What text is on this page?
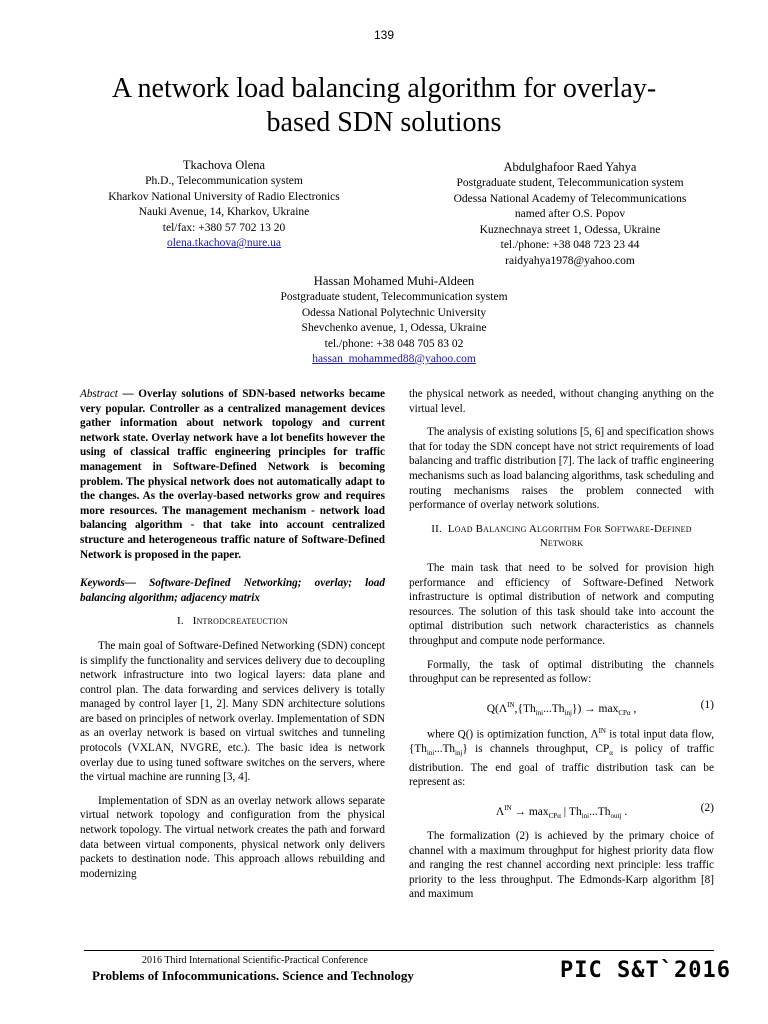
139
A network load balancing algorithm for overlay-based SDN solutions
Tkachova Olena
Ph.D., Telecommunication system
Kharkov National University of Radio Electronics
Nauki Avenue, 14, Kharkov, Ukraine
tel/fax: +380 57 702 13 20
olena.tkachova@nure.ua
Abdulghafoor Raed Yahya
Postgraduate student, Telecommunication system
Odessa National Academy of Telecommunications
named after O.S. Popov
Kuznechnaya street 1, Odessa, Ukraine
tel./phone: +38 048 723 23 44
raidyahya1978@yahoo.com
Hassan Mohamed Muhi-Aldeen
Postgraduate student, Telecommunication system
Odessa National Polytechnic University
Shevchenko avenue, 1, Odessa, Ukraine
tel./phone: +38 048 705 83 02
hassan_mohammed88@yahoo.com

Abstract — Overlay solutions of SDN-based networks became very popular. Controller as a centralized management devices gather information about network topology and current network state. Overlay network have a lot benefits however the using of classical traffic engineering principles for traffic management in Software-Defined Network is becoming problem. The physical network does not automatically adapt to the changes. As the overlay-based networks grow and requires more resources. The management mechanism - network load balancing algorithm - that take into account centralized structure and heterogeneous traffic nature of Software-Defined Network is proposed in the paper.

Keywords— Software-Defined Networking; overlay; load balancing algorithm; adjacency matrix

I. Introdcreateuction

The main goal of Software-Defined Networking (SDN) concept is simplify the functionality and services delivery due to decoupling network infrastructure into two logical layers: data plane and control plan. The data forwarding and services delivery is totally managed by control layer [1, 2]. Many SDN architecture solutions are based on principles of network overlay. Implementation of SDN as an overlay network is based on virtual switches and tunneling protocols (VXLAN, NVGRE, etc.). The basic idea is network overlay due to using tuned software switches on the servers, where the virtual machine are running [3, 4].

Implementation of SDN as an overlay network allows separate virtual network topology and configuration from the physical network topology. The virtual network creates the path and forward data between virtual components, physical network only delivers packets to destination node. This approach allows rebuilding and modernizing

the physical network as needed, without changing anything on the virtual level.

The analysis of existing solutions [5, 6] and specification shows that for today the SDN concept have not strict requirements of load balancing and traffic distribution [7]. The lack of traffic engineering mechanisms such as load balancing algorithms, task scheduling and routing mechanisms raises the problem connected with performance of overlay network solutions.

II. Load Balancing Algorithm For Software-Defined Network

The main task that need to be solved for provision high performance and efficiency of Software-Defined Network infrastructure is optimal distribution of network and computing resources. The solution of this task should take into account the optimal distribution such network characteristics as channels throughput and compute node performance.

Formally, the task of optimal distributing the channels throughput can be represented as follow:

$Q(\Lambda^{IN},\{Th_{ini}...Th_{inj}\}) \to \max_{CP\alpha}$ ,	(1)

where Q() is optimization function, $\Lambda^{IN}$ is total input data flow, $\{Th_{ini}...Th_{inj}\}$ is channels throughput, $CP_\alpha$ is policy of traffic distribution. The end goal of traffic distribution task can be represent as:

$\Lambda^{IN} \to \max_{CP\alpha}$ | $Th_{ini}...Th_{outj}$ .	(2)

The formalization (2) is achieved by the primary choice of channel with a maximum throughput for highest priority data flow and ranging the rest channel according next principle: less traffic priority to the less throughput. The Edmonds-Karp algorithm [8] and maximum

2016 Third International Scientific-Practical Conference
Problems of Infocommunications. Science and Technology	PIC S&T`2016
